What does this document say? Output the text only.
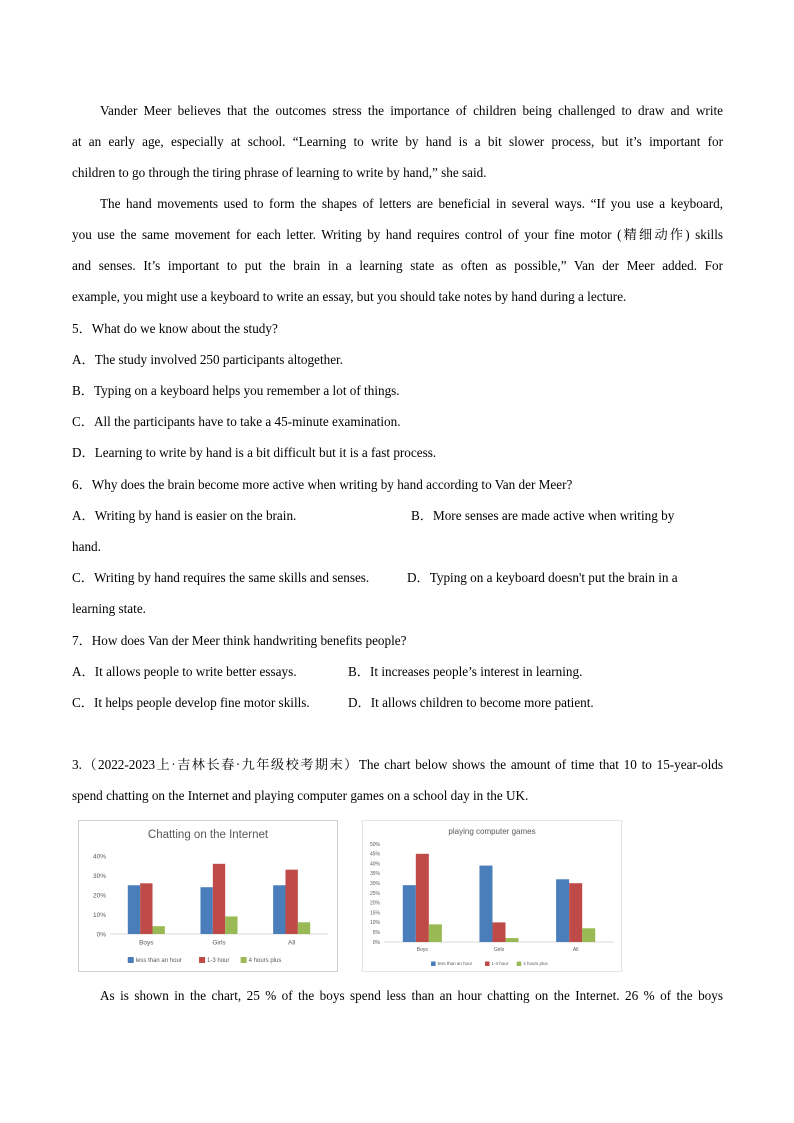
Vander Meer believes that the outcomes stress the importance of children being challenged to draw and write

at an early age, especially at school. “Learning to write by hand is a bit slower process, but it’s important for

children to go through the tiring phrase of learning to write by hand,” she said.

The hand movements used to form the shapes of letters are beneficial in several ways. “If you use a keyboard,

you use the same movement for each letter. Writing by hand requires control of your fine motor (精细动作) skills

and senses. It’s important to put the brain in a learning state as often as possible,” Van der Meer added. For

example, you might use a keyboard to write an essay, but you should take notes by hand during a lecture.

5．What do we know about the study?

A．The study involved 250 participants altogether.

B．Typing on a keyboard helps you remember a lot of things.

C．All the participants have to take a 45-minute examination.

D．Learning to write by hand is a bit difficult but it is a fast process.

6．Why does the brain become more active when writing by hand according to Van der Meer?

A．Writing by hand is easier on the brain.	B．More senses are made active when writing by

hand.

C．Writing by hand requires the same skills and senses.	D．Typing on a keyboard doesn't put the brain in a

learning state.

7．How does Van der Meer think handwriting benefits people?

A．It allows people to write better essays.	B．It increases people’s interest in learning.
C．It helps people develop fine motor skills.	D．It allows children to become more patient.

3.（2022-2023上·吉林长春·九年级校考期末）The chart below shows the amount of time that 10 to 15-year-olds

spend chatting on the Internet and playing computer games on a school day in the UK.

Chatting on the Internet
0%
10%
20%
30%
40%
Boys	Girls	All
less than an hour	1-3 hour	4 hours plus
playing computer games
0%
5%
10%
15%
20%
25%
30%
35%
40%
45%
50%
Boys	Girls	All
less than an hour	1-3 hour	4 hours plus

As is shown in the chart, 25 % of the boys spend less than an hour chatting on the Internet. 26 % of the boys
